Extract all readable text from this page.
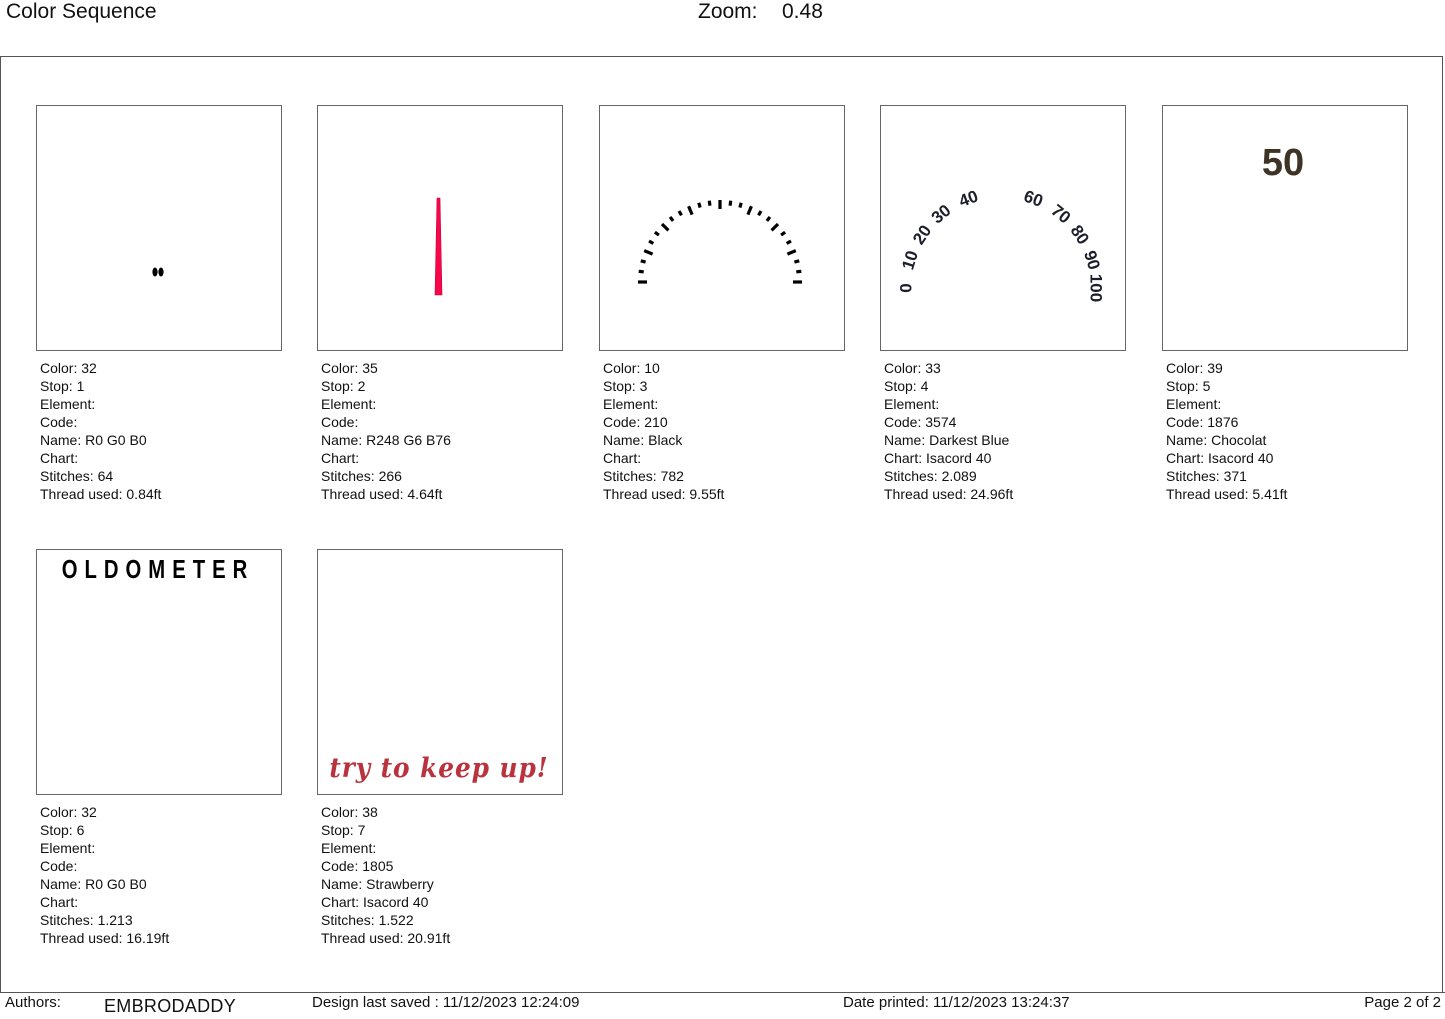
Color Sequence	Zoom: 0.48
Color: 32
Stop: 1
Element:
Code:
Name: R0 G0 B0
Chart:
Stitches: 64
Thread used: 0.84ft
Color: 35
Stop: 2
Element:
Code:
Name: R248 G6 B76
Chart:
Stitches: 266
Thread used: 4.64ft
Color: 10
Stop: 3
Element:
Code: 210
Name: Black
Chart:
Stitches: 782
Thread used: 9.55ft
0
10
20
30
40 60
70
80
90
100
Color: 33
Stop: 4
Element:
Code: 3574
Name: Darkest Blue
Chart: Isacord 40
Stitches: 2.089
Thread used: 24.96ft
50
Color: 39
Stop: 5
Element:
Code: 1876
Name: Chocolat
Chart: Isacord 40
Stitches: 371
Thread used: 5.41ft
OLDOMETER
Color: 32
Stop: 6
Element:
Code:
Name: R0 G0 B0
Chart:
Stitches: 1.213
Thread used: 16.19ft
try to keep up!
Color: 38
Stop: 7
Element:
Code: 1805
Name: Strawberry
Chart: Isacord 40
Stitches: 1.522
Thread used: 20.91ft
Authors: EMBRODADDY	Design last saved : 11/12/2023 12:24:09	Date printed: 11/12/2023 13:24:37	Page 2 of 2
